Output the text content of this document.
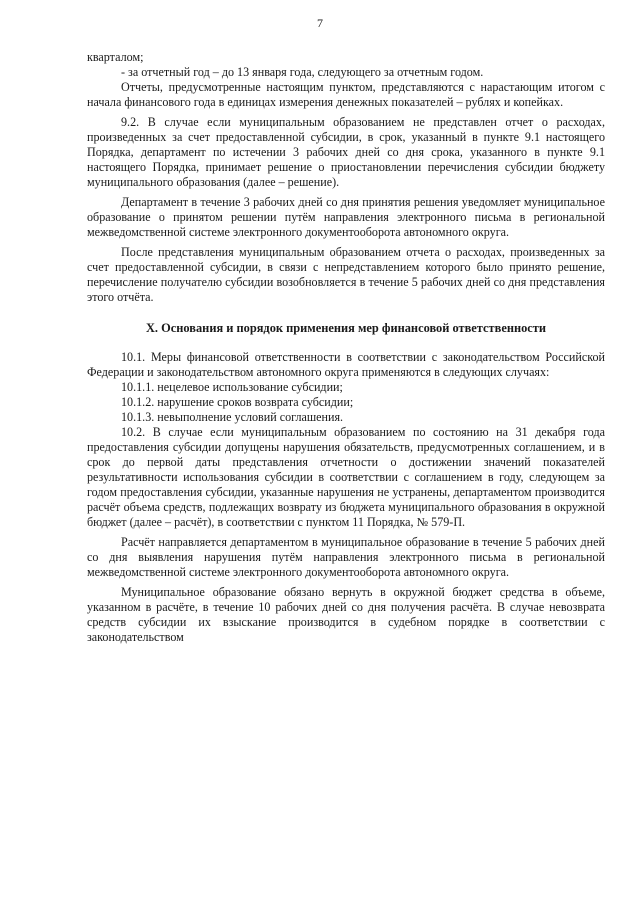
7

кварталом;

- за отчетный год – до 13 января года, следующего за отчетным годом.

Отчеты, предусмотренные настоящим пунктом, представляются с нарастающим итогом с начала финансового года в единицах измерения денежных показателей – рублях и копейках.

9.2. В случае если муниципальным образованием не представлен отчет о расходах, произведенных за счет предоставленной субсидии, в срок, указанный в пункте 9.1 настоящего Порядка, департамент по истечении 3 рабочих дней со дня срока, указанного в пункте 9.1 настоящего Порядка, принимает решение о приостановлении перечисления субсидии бюджету муниципального образования (далее – решение).

Департамент в течение 3 рабочих дней со дня принятия решения уведомляет муниципальное образование о принятом решении путём направления электронного письма в региональной межведомственной системе электронного документооборота автономного округа.

После представления муниципальным образованием отчета о расходах, произведенных за счет предоставленной субсидии, в связи с непредставлением которого было принято решение, перечисление получателю субсидии возобновляется в течение 5 рабочих дней со дня представления этого отчёта.

X. Основания и порядок применения мер финансовой ответственности

10.1. Меры финансовой ответственности в соответствии с законодательством Российской Федерации и законодательством автономного округа применяются в следующих случаях:

10.1.1. нецелевое использование субсидии;

10.1.2. нарушение сроков возврата субсидии;

10.1.3. невыполнение условий соглашения.

10.2. В случае если муниципальным образованием по состоянию на 31 декабря года предоставления субсидии допущены нарушения обязательств, предусмотренных соглашением, и в срок до первой даты представления отчетности о достижении значений показателей результативности использования субсидии в соответствии с соглашением в году, следующем за годом предоставления субсидии, указанные нарушения не устранены, департаментом производится расчёт объема средств, подлежащих возврату из бюджета муниципального образования в окружной бюджет (далее – расчёт), в соответствии с пунктом 11 Порядка, № 579-П.

Расчёт направляется департаментом в муниципальное образование в течение 5 рабочих дней со дня выявления нарушения путём направления электронного письма в региональной межведомственной системе электронного документооборота автономного округа.

Муниципальное образование обязано вернуть в окружной бюджет средства в объеме, указанном в расчёте, в течение 10 рабочих дней со дня получения расчёта. В случае невозврата средств субсидии их взыскание производится в судебном порядке в соответствии с законодательством
